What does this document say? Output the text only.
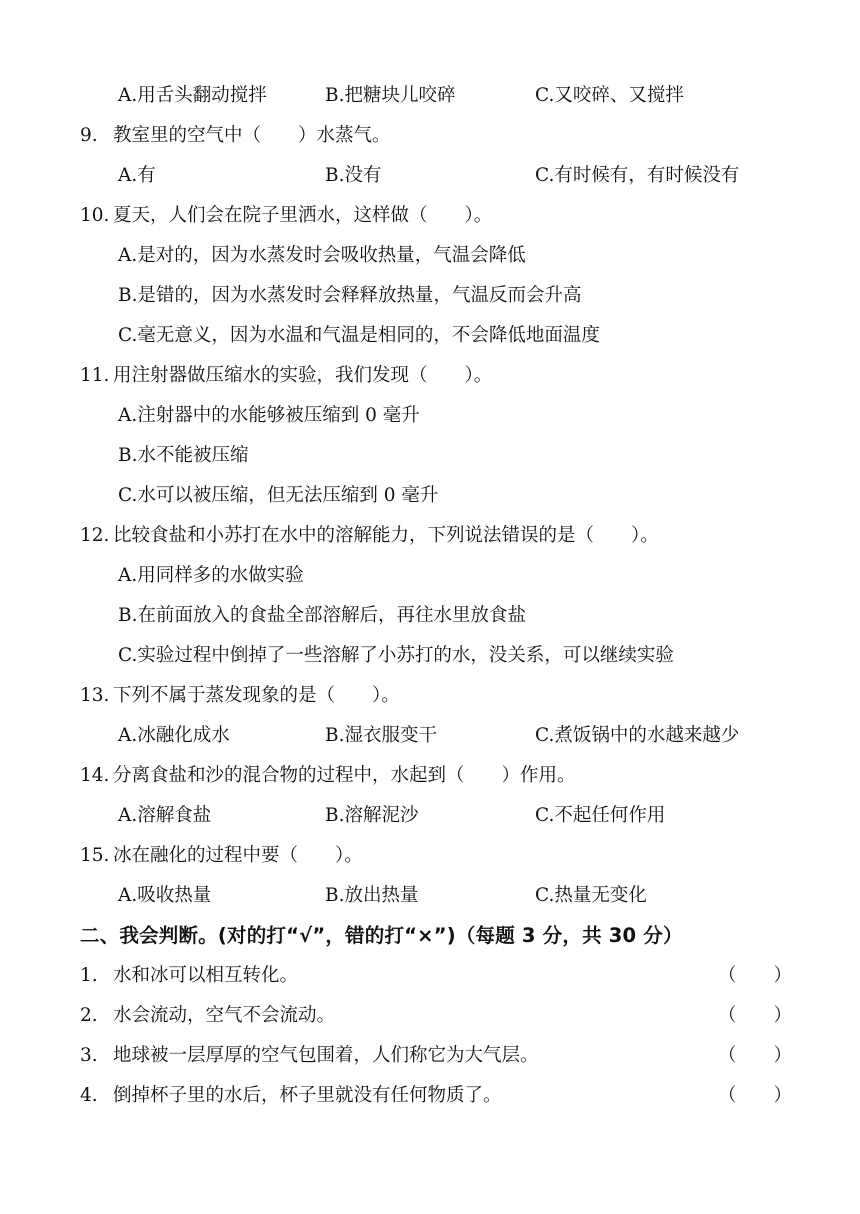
A.用舌头翻动搅拌	B.把糖块儿咬碎	C.又咬碎、又搅拌
9. 教室里的空气中（　　）水蒸气。
A.有	B.没有	C.有时候有，有时候没有
10. 夏天，人们会在院子里洒水，这样做（　　）。
A.是对的，因为水蒸发时会吸收热量，气温会降低
B.是错的，因为水蒸发时会释释放热量，气温反而会升高
C.毫无意义，因为水温和气温是相同的，不会降低地面温度
11. 用注射器做压缩水的实验，我们发现（　　）。
A.注射器中的水能够被压缩到 0 毫升
B.水不能被压缩
C.水可以被压缩，但无法压缩到 0 毫升
12. 比较食盐和小苏打在水中的溶解能力，下列说法错误的是（　　）。
A.用同样多的水做实验
B.在前面放入的食盐全部溶解后，再往水里放食盐
C.实验过程中倒掉了一些溶解了小苏打的水，没关系，可以继续实验
13. 下列不属于蒸发现象的是（　　）。
A.冰融化成水	B.湿衣服变干	C.煮饭锅中的水越来越少
14. 分离食盐和沙的混合物的过程中，水起到（　　）作用。
A.溶解食盐	B.溶解泥沙	C.不起任何作用
15. 冰在融化的过程中要（　　）。
A.吸收热量	B.放出热量	C.热量无变化
二、我会判断。(对的打“√”，错的打“×”)（每题 3 分，共 30 分）
1. 水和冰可以相互转化。	（　　）
2. 水会流动，空气不会流动。	（　　）
3. 地球被一层厚厚的空气包围着，人们称它为大气层。	（　　）
4. 倒掉杯子里的水后，杯子里就没有任何物质了。	（　　）
